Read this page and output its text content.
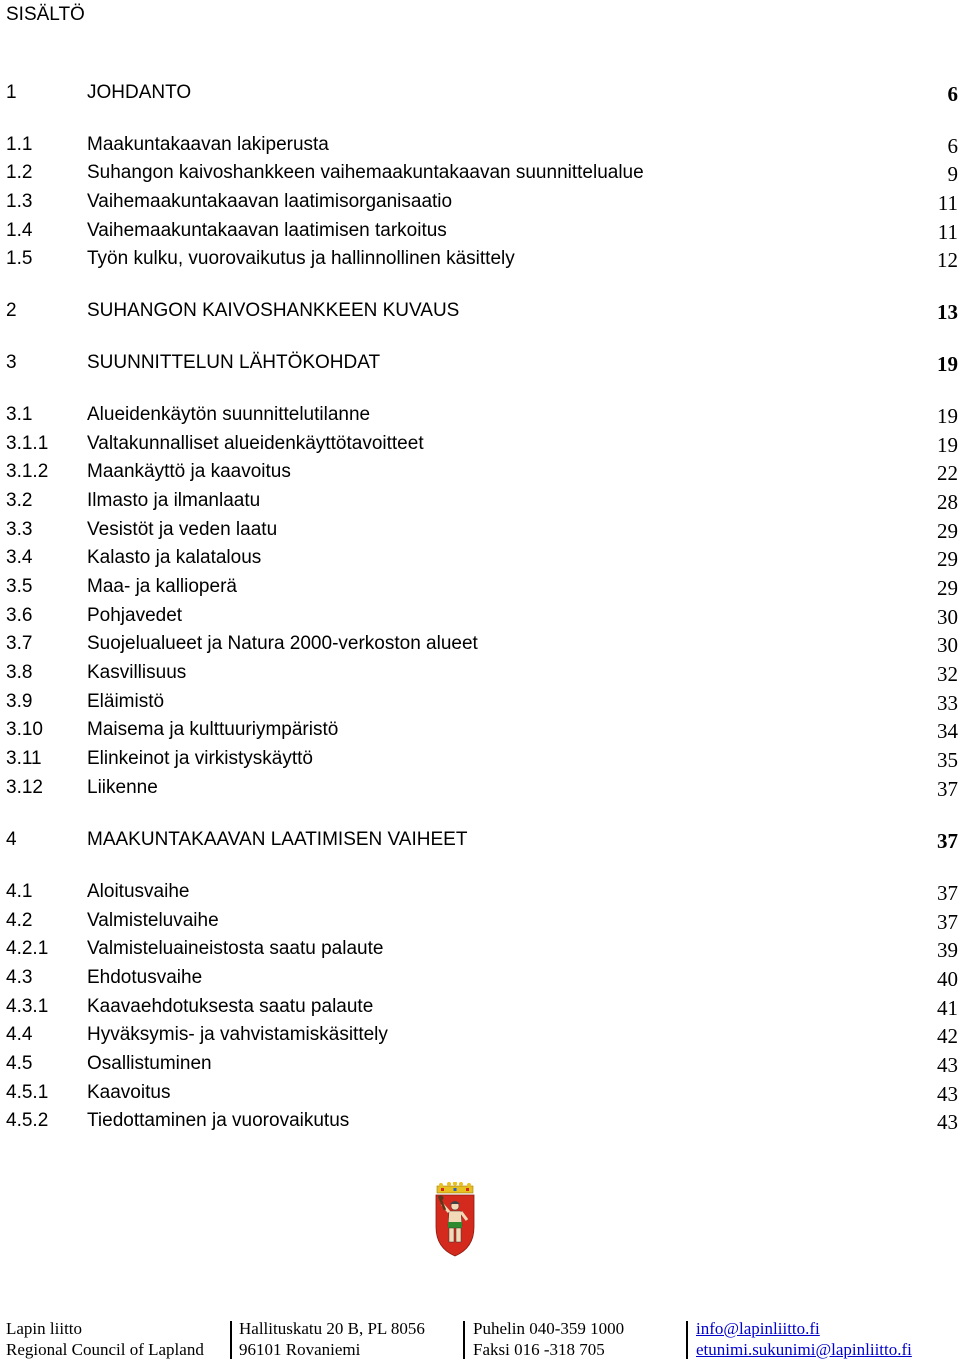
SISÄLTÖ
1	JOHDANTO	6
1.1	Maakuntakaavan lakiperusta	6
1.2	Suhangon kaivoshankkeen vaihemaakuntakaavan suunnittelualue	9
1.3	Vaihemaakuntakaavan laatimisorganisaatio	11
1.4	Vaihemaakuntakaavan laatimisen tarkoitus	11
1.5	Työn kulku, vuorovaikutus ja hallinnollinen käsittely	12
2	SUHANGON KAIVOSHANKKEEN KUVAUS	13
3	SUUNNITTELUN LÄHTÖKOHDAT	19
3.1	Alueidenkäytön suunnittelutilanne	19
3.1.1 Valtakunnalliset alueidenkäyttötavoitteet	19
3.1.2 Maankäyttö ja kaavoitus	22
3.2	Ilmasto ja ilmanlaatu	28
3.3	Vesistöt ja veden laatu	29
3.4	Kalasto ja kalatalous	29
3.5	Maa- ja kallioperä	29
3.6	Pohjavedet	30
3.7	Suojelualueet ja Natura 2000-verkoston alueet	30
3.8	Kasvillisuus	32
3.9	Eläimistö	33
3.10 Maisema ja kulttuuriympäristö	34
3.11 Elinkeinot ja virkistyskäyttö	35
3.12 Liikenne	37
4	MAAKUNTAKAAVAN LAATIMISEN VAIHEET	37
4.1	Aloitusvaihe	37
4.2	Valmisteluvaihe	37
4.2.1 Valmisteluaineistosta saatu palaute	39
4.3	Ehdotusvaihe	40
4.3.1 Kaavaehdotuksesta saatu palaute	41
4.4	Hyväksymis- ja vahvistamiskäsittely	42
4.5	Osallistuminen	43
4.5.1 Kaavoitus	43
4.5.2 Tiedottaminen ja vuorovaikutus	43
Lapin liitto
Regional Council of Lapland
Hallituskatu 20 B, PL 8056
96101 Rovaniemi
Puhelin 040-359 1000
Faksi 016 -318 705
info@lapinliitto.fi
etunimi.sukunimi@lapinliitto.fi
